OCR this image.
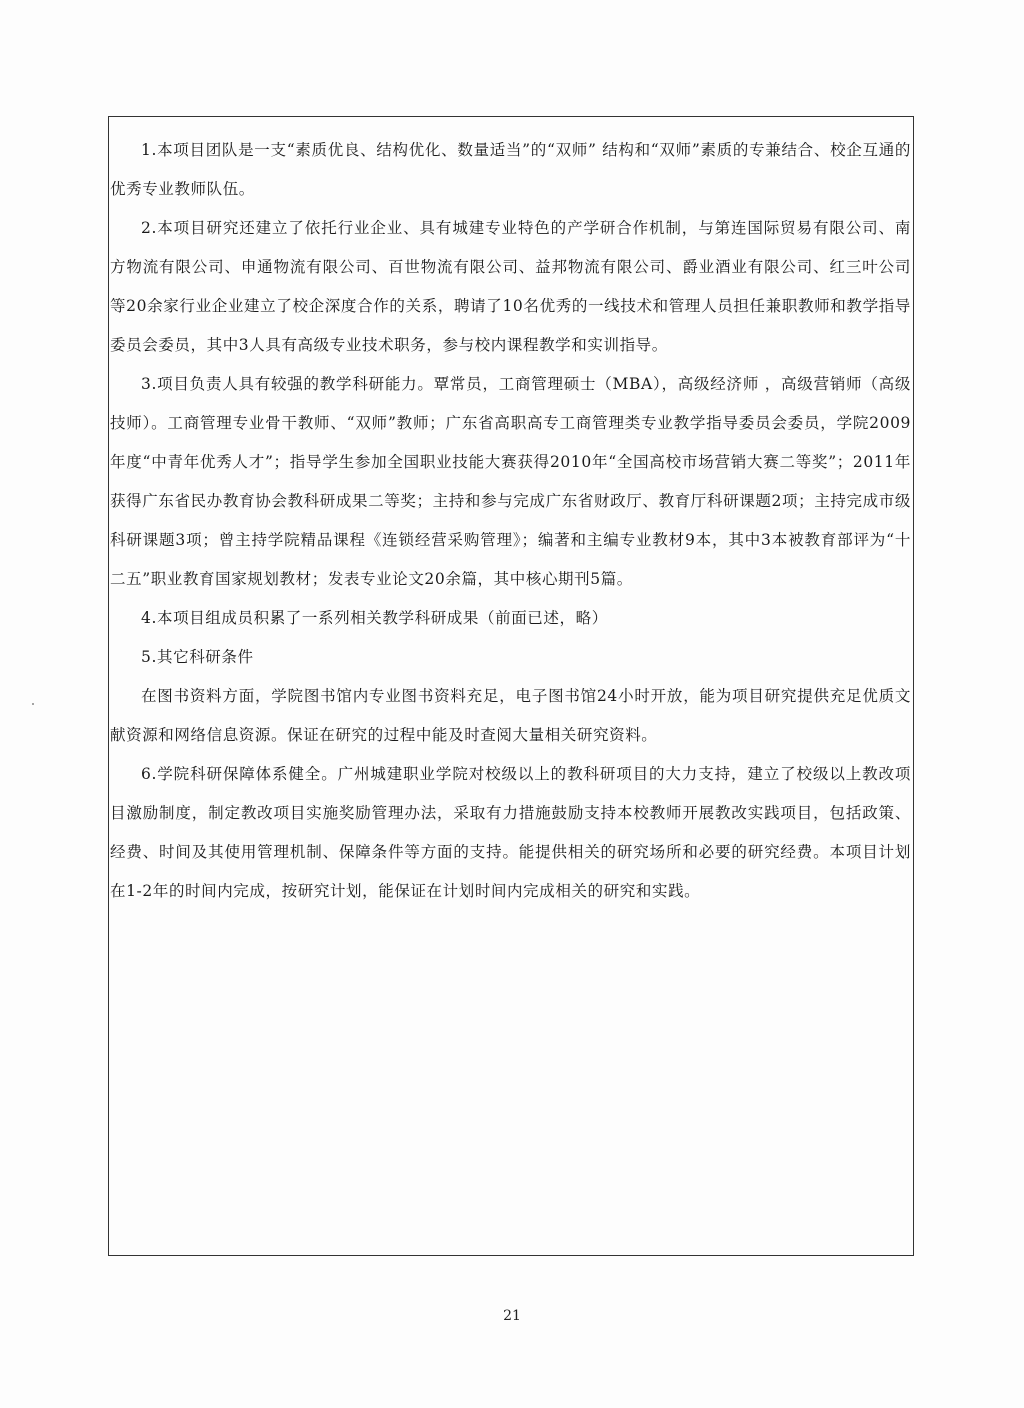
1.本项目团队是一支“素质优良、结构优化、数量适当”的“双师” 结构和“双师”素质的专兼结合、校企互通的优秀专业教师队伍。

2.本项目研究还建立了依托行业企业、具有城建专业特色的产学研合作机制，与第连国际贸易有限公司、南方物流有限公司、申通物流有限公司、百世物流有限公司、益邦物流有限公司、爵业酒业有限公司、红三叶公司等20余家行业企业建立了校企深度合作的关系，聘请了10名优秀的一线技术和管理人员担任兼职教师和教学指导委员会委员，其中3人具有高级专业技术职务，参与校内课程教学和实训指导。

3.项目负责人具有较强的教学科研能力。覃常员，工商管理硕士（MBA），高级经济师 ，高级营销师（高级技师）。工商管理专业骨干教师、“双师”教师；广东省高职高专工商管理类专业教学指导委员会委员，学院2009年度“中青年优秀人才”；指导学生参加全国职业技能大赛获得2010年“全国高校市场营销大赛二等奖”；2011年获得广东省民办教育协会教科研成果二等奖；主持和参与完成广东省财政厅、教育厅科研课题2项；主持完成市级科研课题3项；曾主持学院精品课程《连锁经营采购管理》；编著和主编专业教材9本，其中3本被教育部评为“十二五”职业教育国家规划教材；发表专业论文20余篇，其中核心期刊5篇。

4.本项目组成员积累了一系列相关教学科研成果（前面已述，略）

5.其它科研条件

在图书资料方面，学院图书馆内专业图书资料充足，电子图书馆24小时开放，能为项目研究提供充足优质文献资源和网络信息资源。保证在研究的过程中能及时查阅大量相关研究资料。

6.学院科研保障体系健全。广州城建职业学院对校级以上的教科研项目的大力支持，建立了校级以上教改项目激励制度，制定教改项目实施奖励管理办法，采取有力措施鼓励支持本校教师开展教改实践项目，包括政策、经费、时间及其使用管理机制、保障条件等方面的支持。能提供相关的研究场所和必要的研究经费。本项目计划在1-2年的时间内完成，按研究计划，能保证在计划时间内完成相关的研究和实践。

21
